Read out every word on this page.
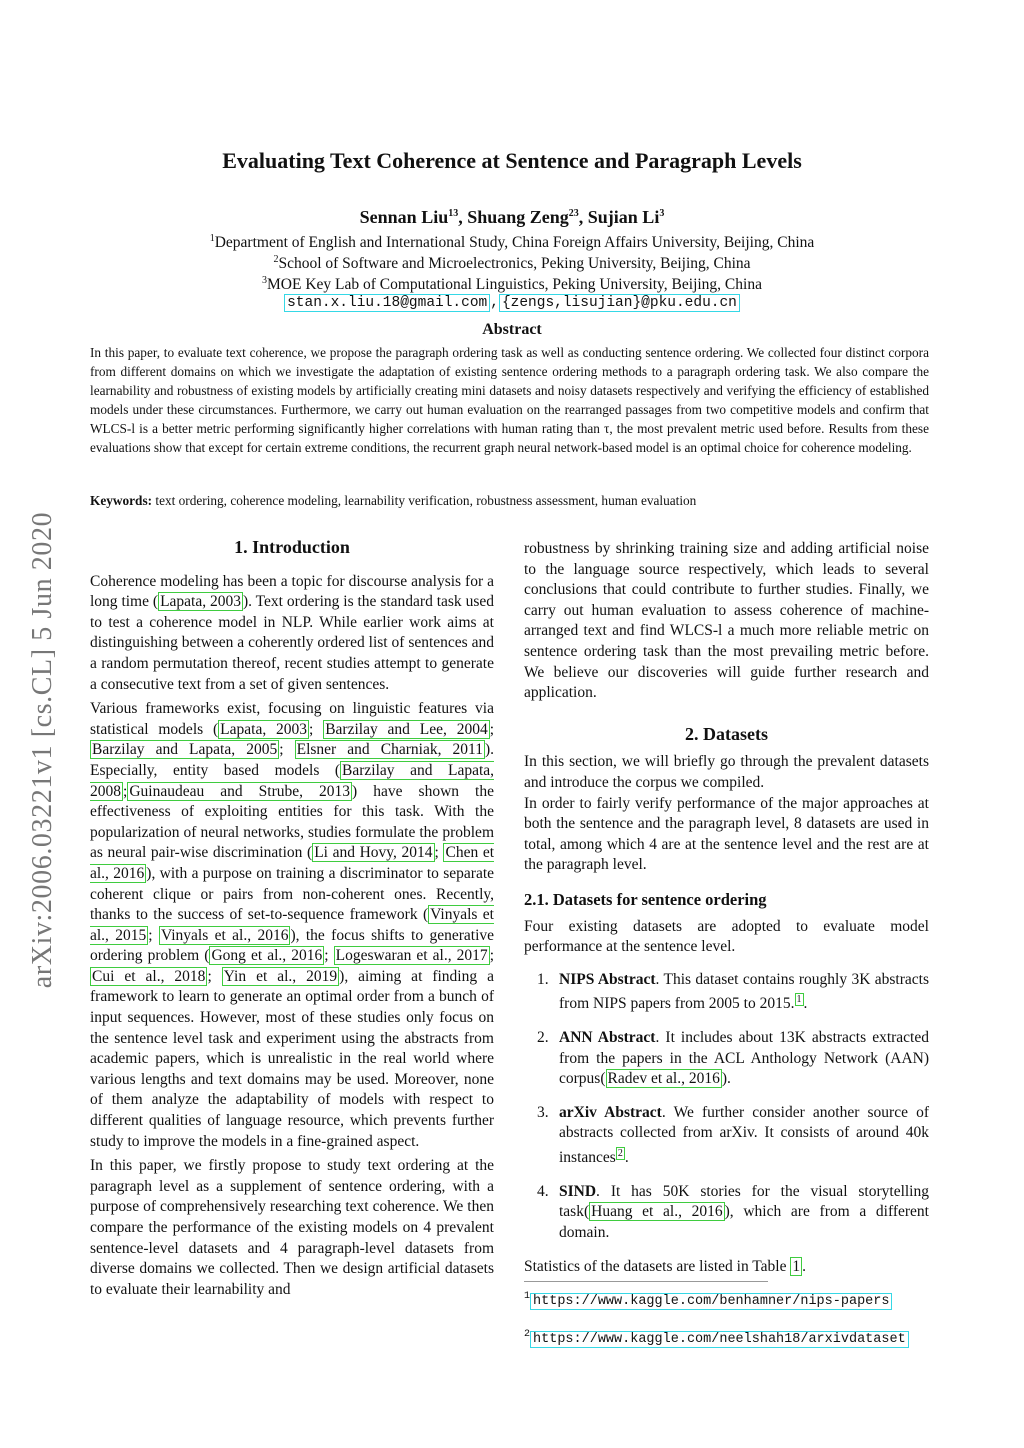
arXiv:2006.03221v1 [cs.CL] 5 Jun 2020
Evaluating Text Coherence at Sentence and Paragraph Levels
Sennan Liu$^{13}$, Shuang Zeng$^{23}$, Sujian Li$^3$
$^1$Department of English and International Study, China Foreign Affairs University, Beijing, China
$^2$School of Software and Microelectronics, Peking University, Beijing, China
$^3$MOE Key Lab of Computational Linguistics, Peking University, Beijing, China
stan.x.liu.18@gmail.com , {zengs,lisujian}@pku.edu.cn
Abstract

In this paper, to evaluate text coherence, we propose the paragraph ordering task as well as conducting sentence ordering. We collected four distinct corpora from different domains on which we investigate the adaptation of existing sentence ordering methods to a paragraph ordering task. We also compare the learnability and robustness of existing models by artificially creating mini datasets and noisy datasets respectively and verifying the efficiency of established models under these circumstances. Furthermore, we carry out human evaluation on the rearranged passages from two competitive models and confirm that WLCS-l is a better metric performing significantly higher correlations with human rating than τ, the most prevalent metric used before. Results from these evaluations show that except for certain extreme conditions, the recurrent graph neural network-based model is an optimal choice for coherence modeling.

Keywords: text ordering, coherence modeling, learnability verification, robustness assessment, human evaluation
1. Introduction

Coherence modeling has been a topic for discourse analysis for a long time ( Lapata, 2003 ). Text ordering is the standard task used to test a coherence model in NLP. While earlier work aims at distinguishing between a coherently ordered list of sentences and a random permutation thereof, recent studies attempt to generate a consecutive text from a set of given sentences.

Various frameworks exist, focusing on linguistic features via statistical models ( Lapata, 2003 ; Barzilay and Lee, 2004 ; Barzilay and Lapata, 2005 ; Elsner and Charniak, 2011 ). Especially, entity based models ( Barzilay and Lapata, 2008 ; Guinaudeau and Strube, 2013 ) have shown the effectiveness of exploiting entities for this task. With the popularization of neural networks, studies formulate the problem as neural pair-wise discrimination ( Li and Hovy, 2014 ; Chen et al., 2016 ), with a purpose on training a discriminator to separate coherent clique or pairs from non-coherent ones. Recently, thanks to the success of set-to-sequence framework ( Vinyals et al., 2015 ; Vinyals et al., 2016 ), the focus shifts to generative ordering problem ( Gong et al., 2016 ; Logeswaran et al., 2017 ; Cui et al., 2018 ; Yin et al., 2019 ), aiming at finding a framework to learn to generate an optimal order from a bunch of input sequences. However, most of these studies only focus on the sentence level task and experiment using the abstracts from academic papers, which is unrealistic in the real world where various lengths and text domains may be used. Moreover, none of them analyze the adaptability of models with respect to different qualities of language resource, which prevents further study to improve the models in a fine-grained aspect.

In this paper, we firstly propose to study text ordering at the paragraph level as a supplement of sentence ordering, with a purpose of comprehensively researching text coherence. We then compare the performance of the existing models on 4 prevalent sentence-level datasets and 4 paragraph-level datasets from diverse domains we collected. Then we design artificial datasets to evaluate their learnability and

robustness by shrinking training size and adding artificial noise to the language source respectively, which leads to several conclusions that could contribute to further studies. Finally, we carry out human evaluation to assess coherence of machine-arranged text and find WLCS-l a much more reliable metric on sentence ordering task than the most prevailing metric before. We believe our discoveries will guide further research and application.

2. Datasets

In this section, we will briefly go through the prevalent datasets and introduce the corpus we compiled.

In order to fairly verify performance of the major approaches at both the sentence and the paragraph level, 8 datasets are used in total, among which 4 are at the sentence level and the rest are at the paragraph level.

2.1. Datasets for sentence ordering

Four existing datasets are adopted to evaluate model performance at the sentence level.

1. NIPS Abstract. This dataset contains roughly 3K abstracts from NIPS papers from 2005 to 2015. $^1$ .
2. ANN Abstract. It includes about 13K abstracts extracted from the papers in the ACL Anthology Network (AAN) corpus( Radev et al., 2016 ).
3. arXiv Abstract. We further consider another source of abstracts collected from arXiv. It consists of around 40k instances $^2$ .
4. SIND. It has 50K stories for the visual storytelling task( Huang et al., 2016 ), which are from a different domain.

Statistics of the datasets are listed in Table 1 .

$^1$ https://www.kaggle.com/benhamner/nips-papers
$^2$ https://www.kaggle.com/neelshah18/arxivdataset
